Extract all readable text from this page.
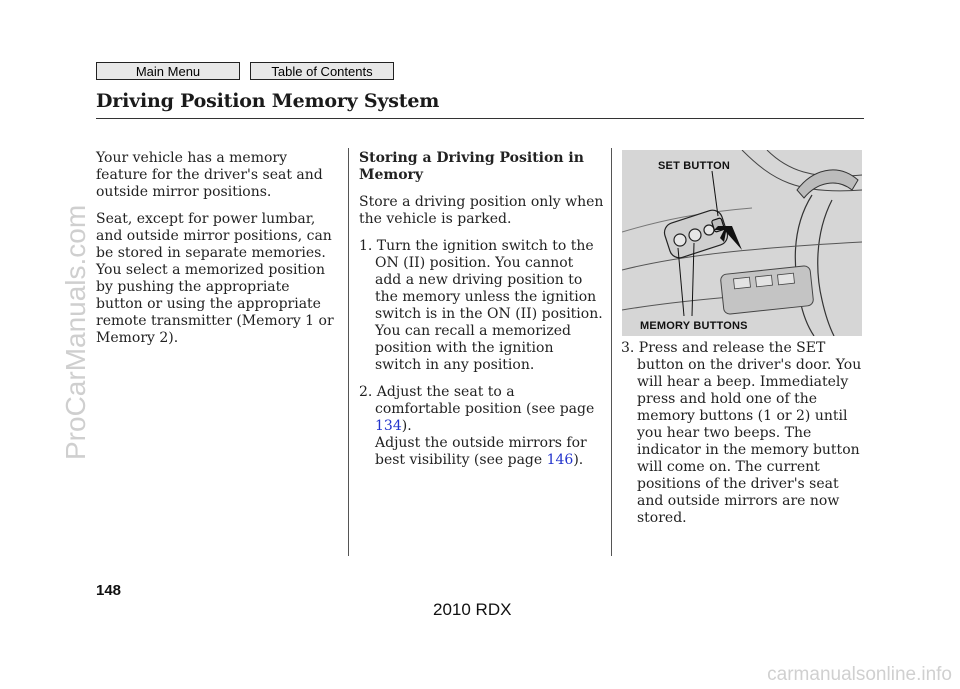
Main Menu	Table of Contents
Driving Position Memory System

Your vehicle has a memory feature for the driver's seat and outside mirror positions.

Seat, except for power lumbar, and outside mirror positions, can be stored in separate memories. You select a memorized position by pushing the appropriate button or using the appropriate remote transmitter (Memory 1 or Memory 2).

Storing a Driving Position in Memory

Store a driving position only when the vehicle is parked.

1. Turn the ignition switch to the ON (II) position. You cannot add a new driving position to the memory unless the ignition switch is in the ON (II) position. You can recall a memorized position with the ignition switch in any position.

2. Adjust the seat to a comfortable position (see page 134).
Adjust the outside mirrors for best visibility (see page 146).

SET BUTTON
MEMORY BUTTONS

3. Press and release the SET button on the driver's door. You will hear a beep. Immediately press and hold one of the memory buttons (1 or 2) until you hear two beeps. The indicator in the memory button will come on. The current positions of the driver's seat and outside mirrors are now stored.

148
2010 RDX
ProCarManuals.com
carmanualsonline.info
